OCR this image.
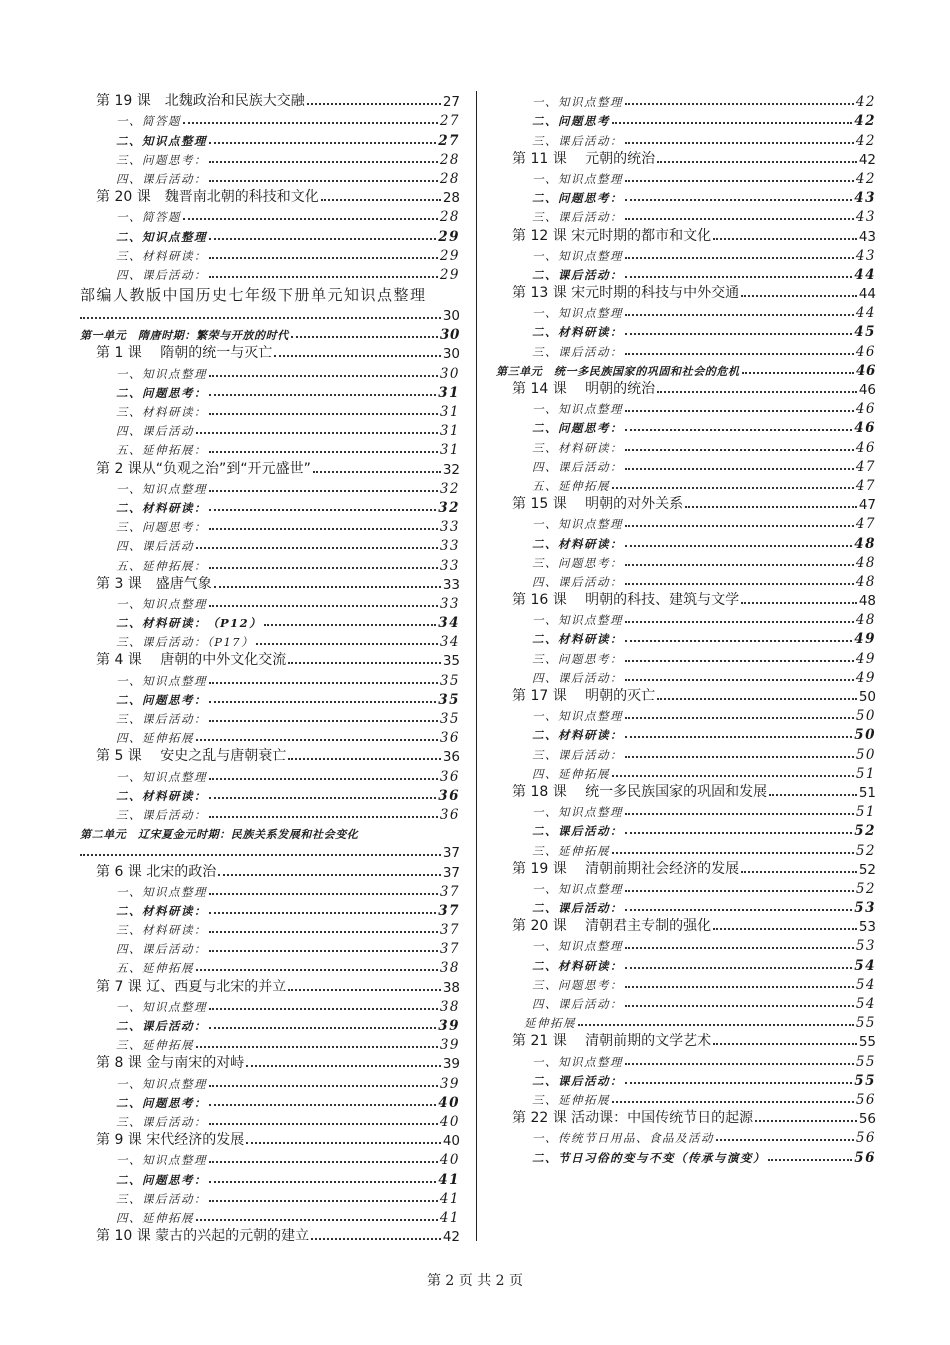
第 19 课　北魏政治和民族大交融	27
一、简答题	27
二、知识点整理	27
三、问题思考：	28
四、课后活动：	28
第 20 课　魏晋南北朝的科技和文化	28
一、简答题	28
二、知识点整理	29
三、材料研读：	29
四、课后活动：	29
部编人教版中国历史七年级下册单元知识点整理
30
第一单元　隋唐时期：繁荣与开放的时代	30
第 1 课　 隋朝的统一与灭亡	30
一、知识点整理	30
二、问题思考：	31
三、材料研读：	31
四、课后活动	31
五、延伸拓展：	31
第 2 课从“负观之治”到“开元盛世”	32
一、知识点整理	32
二、材料研读：	32
三、问题思考：	33
四、课后活动	33
五、延伸拓展：	33
第 3 课　盛唐气象	33
一、知识点整理	33
二、材料研读：（P12）	34
三、课后活动：（P17）	34
第 4 课　 唐朝的中外文化交流	35
一、知识点整理	35
二、问题思考：	35
三、课后活动：	35
四、延伸拓展	36
第 5 课　 安史之乱与唐朝衰亡	36
一、知识点整理	36
二、材料研读：	36
三、课后活动：	36
第二单元　辽宋夏金元时期：民族关系发展和社会变化
37
第 6 课 北宋的政治	37
一、知识点整理	37
二、材料研读：	37
三、材料研读：	37
四、课后活动：	37
五、延伸拓展	38
第 7 课 辽、西夏与北宋的并立	38
一、知识点整理	38
二、课后活动：	39
三、延伸拓展	39
第 8 课 金与南宋的对峙	39
一、知识点整理	39
二、问题思考：	40
三、课后活动：	40
第 9 课 宋代经济的发展	40
一、知识点整理	40
二、问题思考：	41
三、课后活动：	41
四、延伸拓展	41
第 10 课 蒙古的兴起的元朝的建立	42
一、知识点整理	42
二、问题思考	42
三、课后活动：	42
第 11 课　 元朝的统治	42
一、知识点整理	42
二、问题思考：	43
三、课后活动：	43
第 12 课 宋元时期的都市和文化	43
一、知识点整理	43
二、课后活动：	44
第 13 课 宋元时期的科技与中外交通	44
一、知识点整理	44
二、材料研读：	45
三、课后活动：	46
第三单元　统一多民族国家的巩固和社会的危机	46
第 14 课　 明朝的统治	46
一、知识点整理	46
二、问题思考：	46
三、材料研读：	46
四、课后活动：	47
五、延伸拓展	47
第 15 课　 明朝的对外关系	47
一、知识点整理	47
二、材料研读：	48
三、问题思考：	48
四、课后活动：	48
第 16 课　 明朝的科技、建筑与文学	48
一、知识点整理	48
二、材料研读：	49
三、问题思考：	49
四、课后活动：	49
第 17 课　 明朝的灭亡	50
一、知识点整理	50
二、材料研读：	50
三、课后活动：	50
四、延伸拓展	51
第 18 课　 统一多民族国家的巩固和发展	51
一、知识点整理	51
二、课后活动：	52
三、延伸拓展	52
第 19 课　 清朝前期社会经济的发展	52
一、知识点整理	52
二、课后活动：	53
第 20 课　 清朝君主专制的强化	53
一、知识点整理	53
二、材料研读：	54
三、问题思考：	54
四、课后活动：	54
延伸拓展	55
第 21 课　 清朝前期的文学艺术	55
一、知识点整理	55
二、课后活动：	55
三、延伸拓展	56
第 22 课 活动课：中国传统节日的起源	56
一、传统节日用品、食品及活动	56
二、节日习俗的变与不变（传承与演变）	56
第 2 页 共 2 页
